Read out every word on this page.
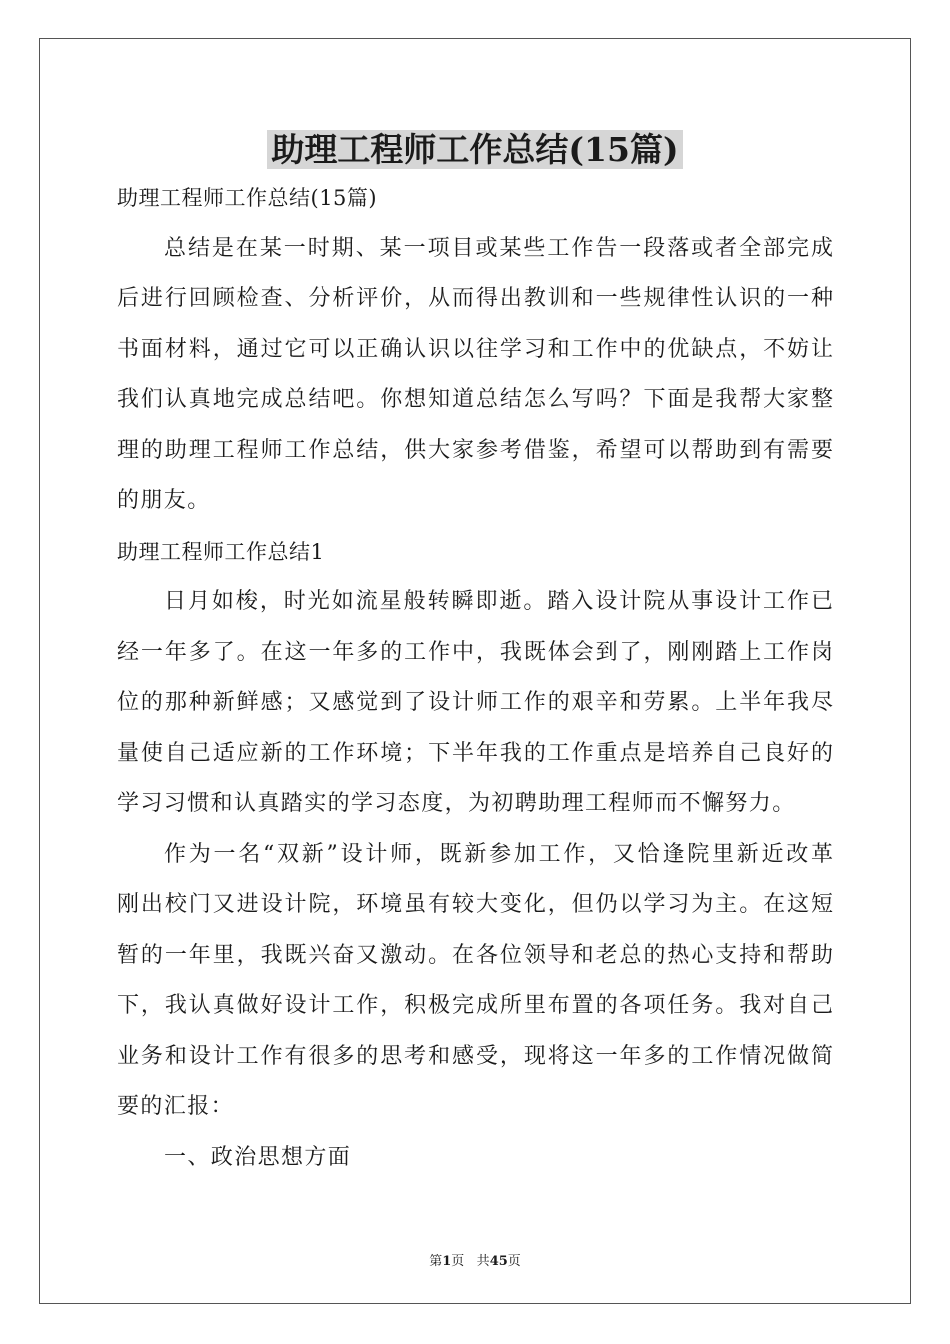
助理工程师工作总结(15篇)
助理工程师工作总结(15篇)
总结是在某一时期、某一项目或某些工作告一段落或者全部完成
后进行回顾检查、分析评价，从而得出教训和一些规律性认识的一种
书面材料，通过它可以正确认识以往学习和工作中的优缺点，不妨让
我们认真地完成总结吧。你想知道总结怎么写吗？下面是我帮大家整
理的助理工程师工作总结，供大家参考借鉴，希望可以帮助到有需要
的朋友。
助理工程师工作总结1
日月如梭，时光如流星般转瞬即逝。踏入设计院从事设计工作已
经一年多了。在这一年多的工作中，我既体会到了，刚刚踏上工作岗
位的那种新鲜感；又感觉到了设计师工作的艰辛和劳累。上半年我尽
量使自己适应新的工作环境；下半年我的工作重点是培养自己良好的
学习习惯和认真踏实的学习态度，为初聘助理工程师而不懈努力。
作为一名“双新”设计师，既新参加工作，又恰逢院里新近改革
刚出校门又进设计院，环境虽有较大变化，但仍以学习为主。在这短
暂的一年里，我既兴奋又激动。在各位领导和老总的热心支持和帮助
下，我认真做好设计工作，积极完成所里布置的各项任务。我对自己
业务和设计工作有很多的思考和感受，现将这一年多的工作情况做简
要的汇报：
一、政治思想方面
第1页 共45页
